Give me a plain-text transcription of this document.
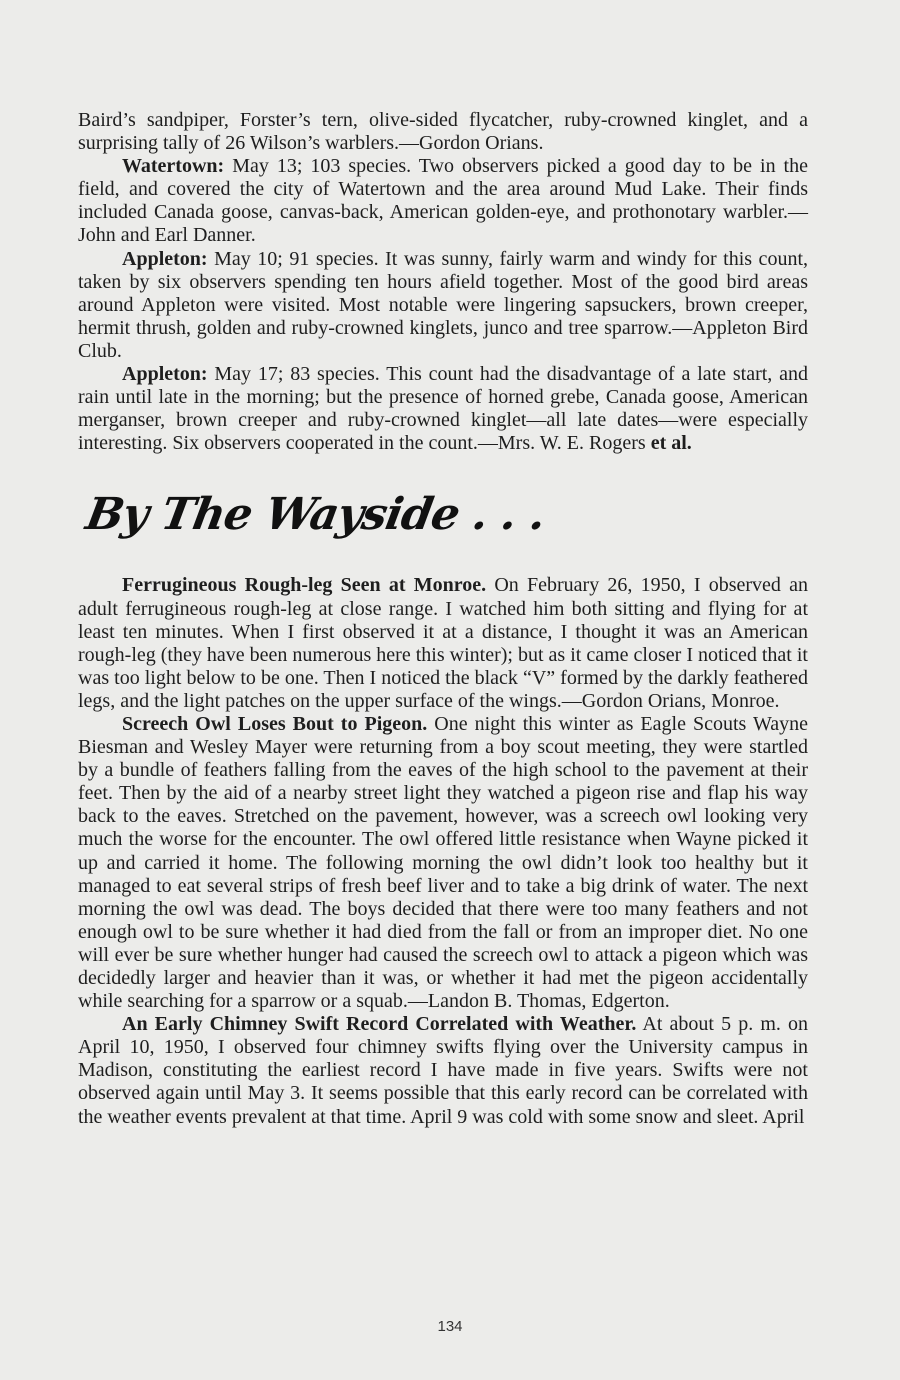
Baird’s sandpiper, Forster’s tern, olive-sided flycatcher, ruby-crowned kinglet, and a surprising tally of 26 Wilson’s warblers.—Gordon Orians.

Watertown: May 13; 103 species. Two observers picked a good day to be in the field, and covered the city of Watertown and the area around Mud Lake. Their finds included Canada goose, canvas-back, American golden-eye, and prothonotary warbler.—John and Earl Danner.

Appleton: May 10; 91 species. It was sunny, fairly warm and windy for this count, taken by six observers spending ten hours afield together. Most of the good bird areas around Appleton were visited. Most notable were lingering sapsuckers, brown creeper, hermit thrush, golden and ruby-crowned kinglets, junco and tree sparrow.—Appleton Bird Club.

Appleton: May 17; 83 species. This count had the disadvantage of a late start, and rain until late in the morning; but the presence of horned grebe, Canada goose, American merganser, brown creeper and ruby-crowned kinglet—all late dates—were especially interesting. Six observers cooperated in the count.—Mrs. W. E. Rogers et al.

By The Wayside . . .

Ferrugineous Rough-leg Seen at Monroe. On February 26, 1950, I observed an adult ferrugineous rough-leg at close range. I watched him both sitting and flying for at least ten minutes. When I first observed it at a distance, I thought it was an American rough-leg (they have been numerous here this winter); but as it came closer I noticed that it was too light below to be one. Then I noticed the black “V” formed by the darkly feathered legs, and the light patches on the upper surface of the wings.—Gordon Orians, Monroe.

Screech Owl Loses Bout to Pigeon. One night this winter as Eagle Scouts Wayne Biesman and Wesley Mayer were returning from a boy scout meeting, they were startled by a bundle of feathers falling from the eaves of the high school to the pavement at their feet. Then by the aid of a nearby street light they watched a pigeon rise and flap his way back to the eaves. Stretched on the pavement, however, was a screech owl looking very much the worse for the encounter. The owl offered little resistance when Wayne picked it up and carried it home. The following morning the owl didn’t look too healthy but it managed to eat several strips of fresh beef liver and to take a big drink of water. The next morning the owl was dead. The boys decided that there were too many feathers and not enough owl to be sure whether it had died from the fall or from an improper diet. No one will ever be sure whether hunger had caused the screech owl to attack a pigeon which was decidedly larger and heavier than it was, or whether it had met the pigeon accidentally while searching for a sparrow or a squab.—Landon B. Thomas, Edgerton.

An Early Chimney Swift Record Correlated with Weather. At about 5 p. m. on April 10, 1950, I observed four chimney swifts flying over the University campus in Madison, constituting the earliest record I have made in five years. Swifts were not observed again until May 3. It seems possible that this early record can be correlated with the weather events prevalent at that time. April 9 was cold with some snow and sleet. April

134
